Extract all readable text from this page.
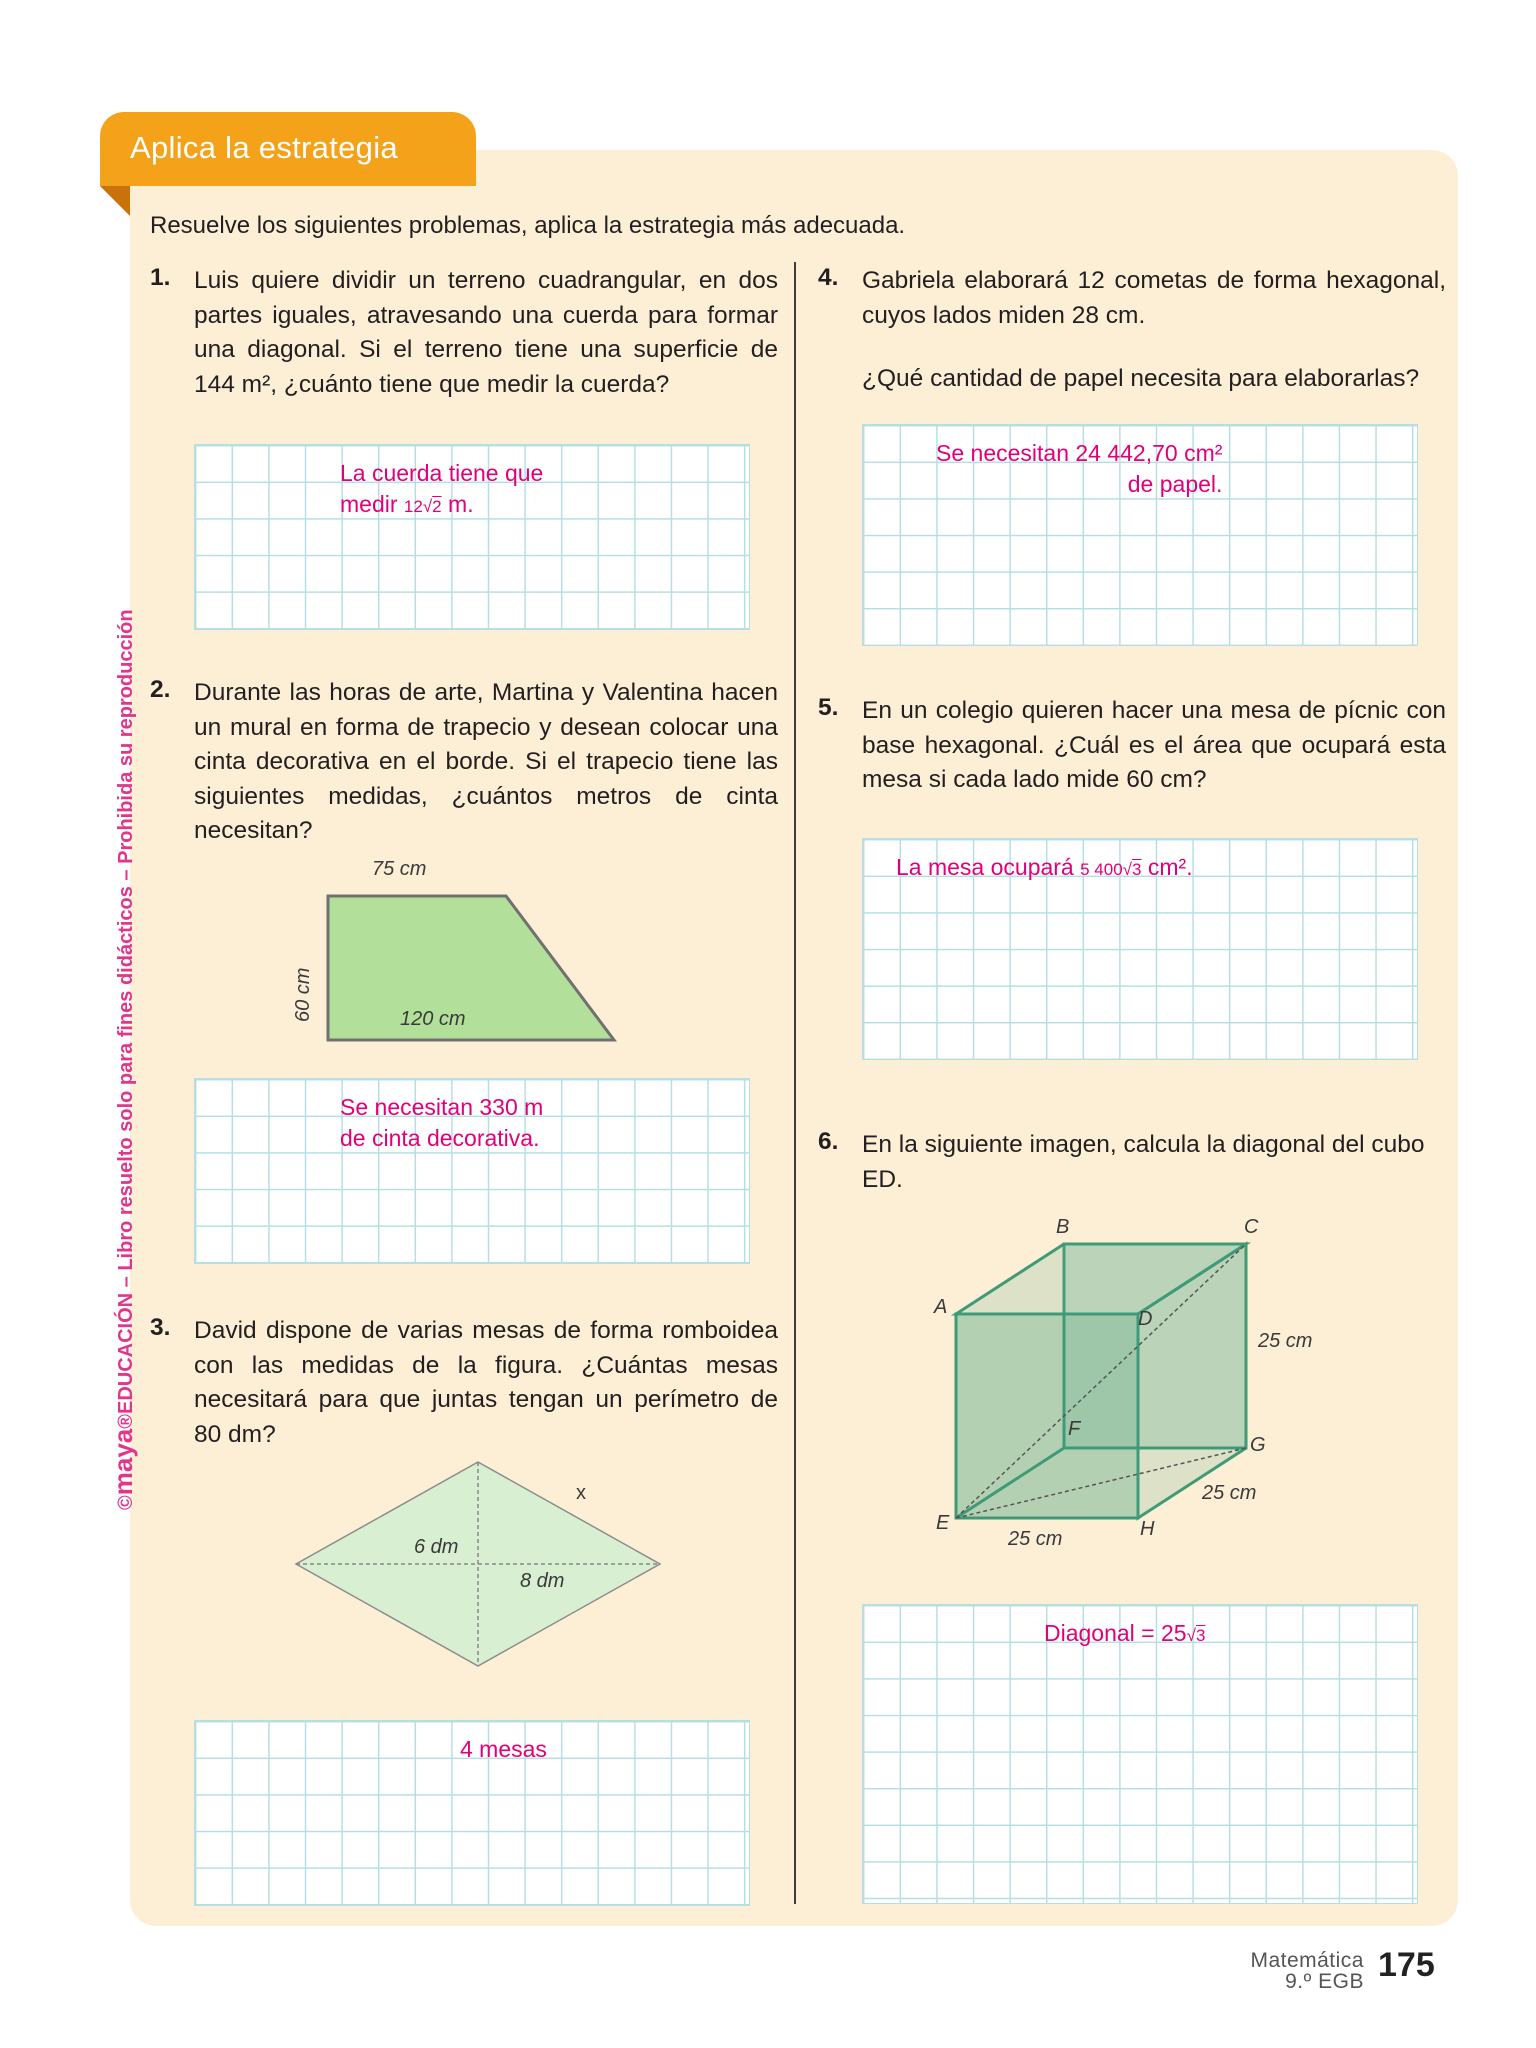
Aplica la estrategia
©maya®EDUCACIÓN – Libro resuelto solo para fines didácticos – Prohibida su reproducción
Resuelve los siguientes problemas, aplica la estrategia más adecuada.
1. Luis quiere dividir un terreno cuadrangular, en dos partes iguales, atravesando una cuerda para formar una diagonal. Si el terreno tiene una superficie de 144 m², ¿cuánto tiene que medir la cuerda?
La cuerda tiene que
medir 12√2 m.
2. Durante las horas de arte, Martina y Valentina hacen un mural en forma de trapecio y desean colocar una cinta decorativa en el borde. Si el trapecio tiene las siguientes medidas, ¿cuántos metros de cinta necesitan?
75 cm
60 cm	120 cm
Se necesitan 330 m
de cinta decorativa.
3. David dispone de varias mesas de forma romboidea con las medidas de la figura. ¿Cuántas mesas necesitará para que juntas tengan un perímetro de 80 dm?
x
6 dm
8 dm
4 mesas
4. Gabriela elaborará 12 cometas de forma hexagonal, cuyos lados miden 28 cm.
¿Qué cantidad de papel necesita para elaborarlas?
Se necesitan 24 442,70 cm²
de papel.
5. En un colegio quieren hacer una mesa de pícnic con base hexagonal. ¿Cuál es el área que ocupará esta mesa si cada lado mide 60 cm?
La mesa ocupará 5 400√3 cm².
6. En la siguiente imagen, calcula la diagonal del cubo ED.
B	C
A
D
F
G
E	H
25 cm
25 cm
25 cm
Diagonal = 25√3
Matemática
9.º EGB 175
